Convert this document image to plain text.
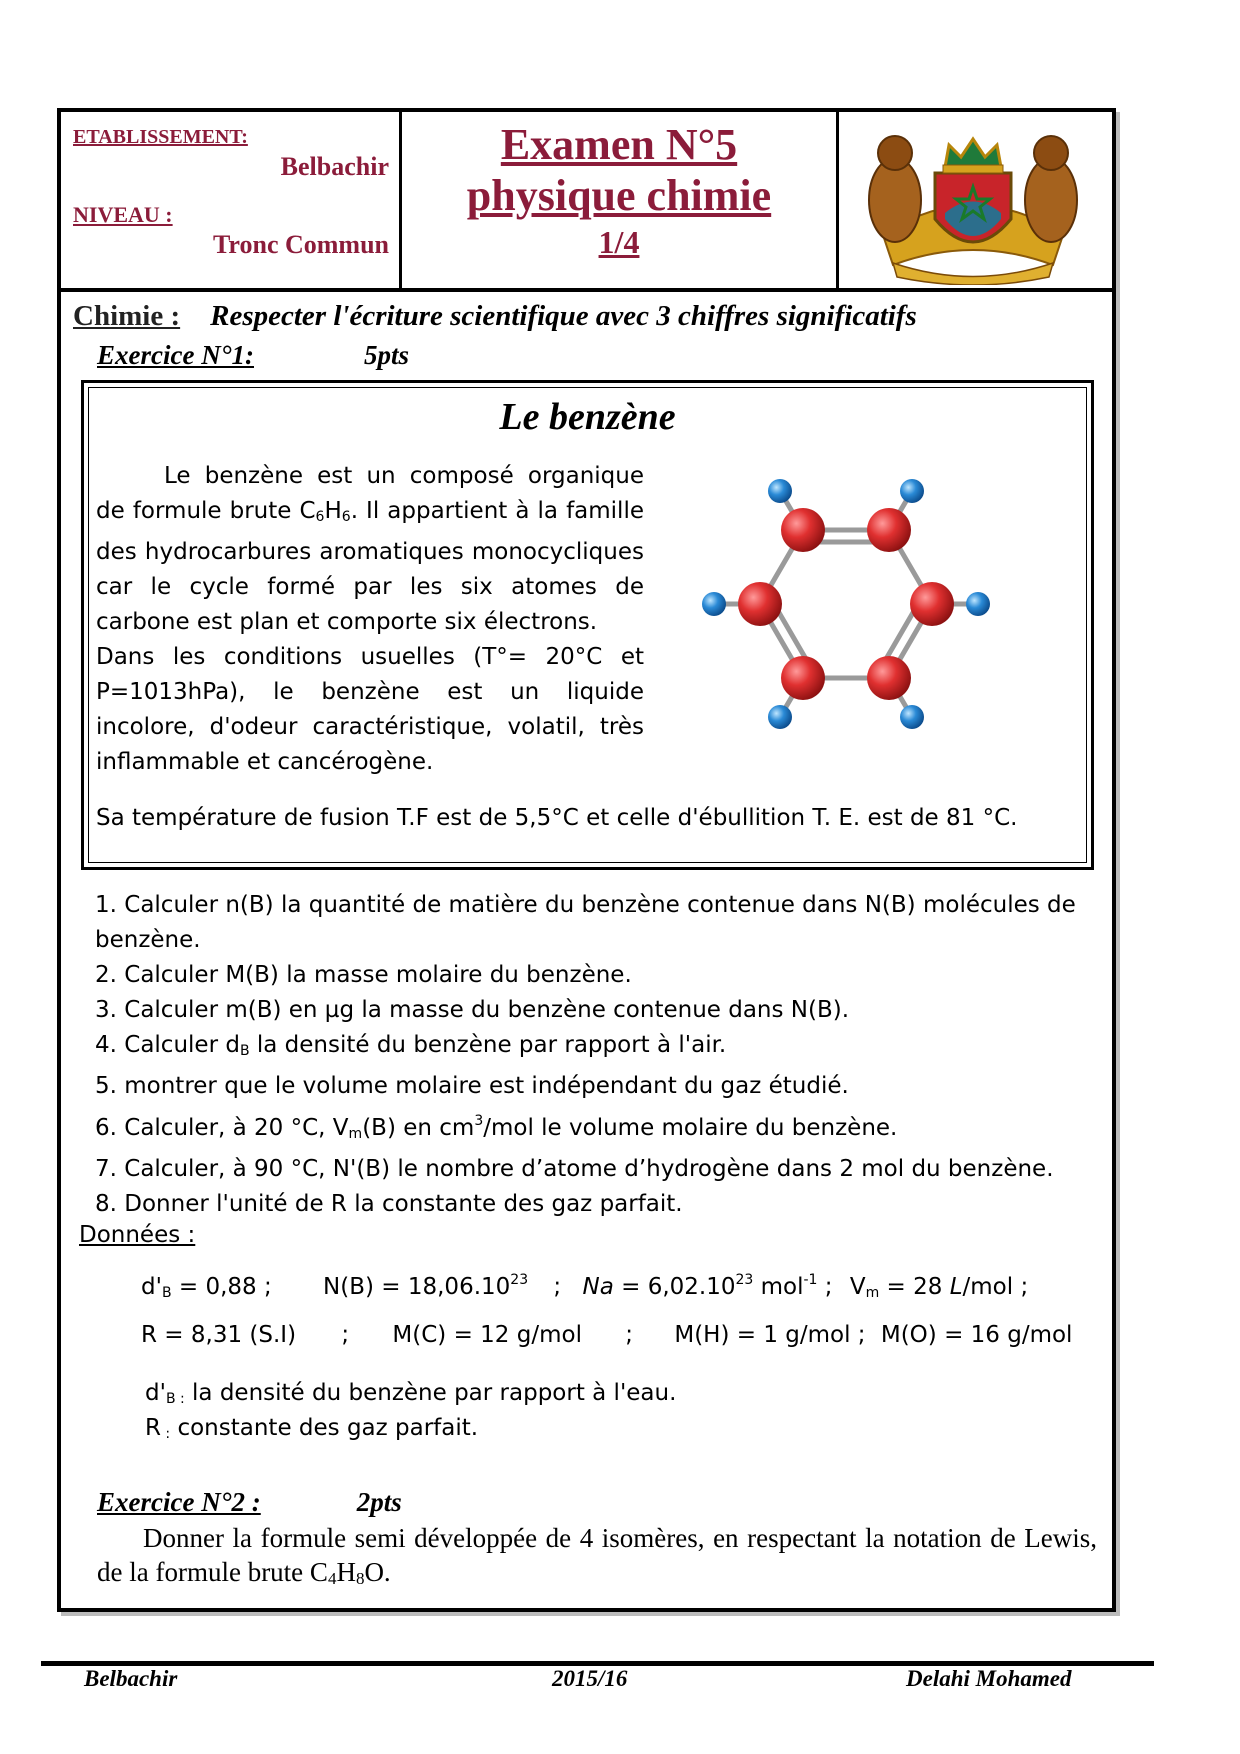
ETABLISSEMENT:
Belbachir
NIVEAU :
Tronc Commun
Examen N°5
physique chimie
1/4
Chimie : Respecter l'écriture scientifique avec 3 chiffres significatifs
Exercice N°1:	5pts
Le benzène

Le benzène est un composé organique de formule brute $C_6H_6$. Il appartient à la famille des hydrocarbures aromatiques monocycliques car le cycle formé par les six atomes de carbone est plan et comporte six électrons.

Dans les conditions usuelles (T°= 20°C et P=1013hPa), le benzène est un liquide incolore, d'odeur caractéristique, volatil, très inflammable et cancérogène.

Sa température de fusion T.F est de 5,5°C et celle d'ébullition T. E. est de 81 °C.

1. Calculer n(B) la quantité de matière du benzène contenue dans N(B) molécules de benzène.

2. Calculer M(B) la masse molaire du benzène.

3. Calculer m(B) en µg la masse du benzène contenue dans N(B).

4. Calculer $d_B$ la densité du benzène par rapport à l'air.

5. montrer que le volume molaire est indépendant du gaz étudié.

6. Calculer, à 20 °C, $V_m(B)$ en $cm^3$/mol le volume molaire du benzène.

7. Calculer, à 90 °C, N'(B) le nombre d’atome d’hydrogène dans 2 mol du benzène.

8. Donner l'unité de R la constante des gaz parfait.

Données :
$d'_B = 0,88$ ; $N(B) = 18,06.10^{23}$ ; $Na = 6,02.10^{23}$ mol$^{-1}$ ; $V_m = 28$ L/mol ;
R = 8,31 (S.I) ; M(C) = 12 g/mol ; M(H) = 1 g/mol ; M(O) = 16 g/mol
$d'_{B :}$ la densité du benzène par rapport à l'eau.
R $_:$ constante des gaz parfait.
Exercice N°2 :	2pts

Donner la formule semi développée de 4 isomères, en respectant la notation de Lewis, de la formule brute C4H8O.

Belbachir	2015/16	Delahi Mohamed
